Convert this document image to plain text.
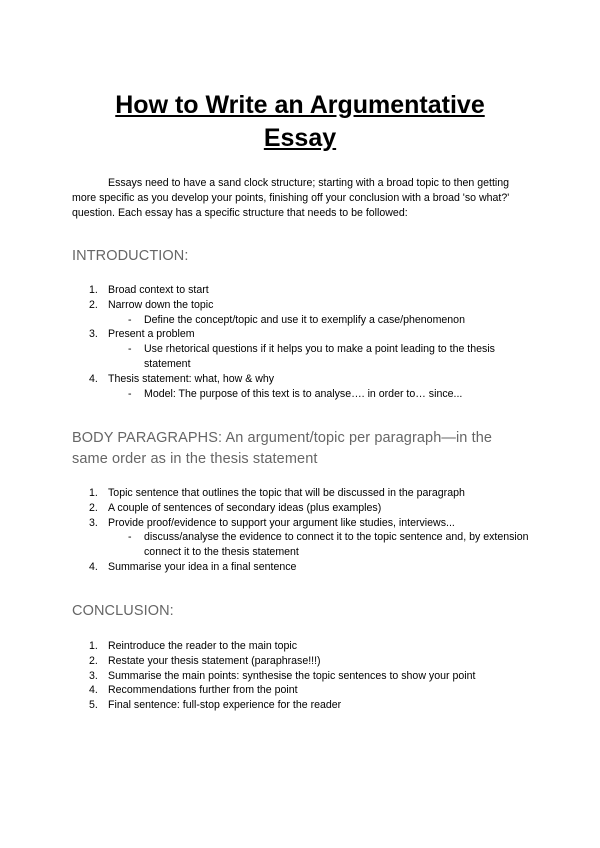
How to Write an Argumentative
Essay

Essays need to have a sand clock structure; starting with a broad topic to then getting more specific as you develop your points, finishing off your conclusion with a broad 'so what?' question. Each essay has a specific structure that needs to be followed:

INTRODUCTION:
1. Broad context to start
2. Narrow down the topic
- Define the concept/topic and use it to exemplify a case/phenomenon
3. Present a problem
- Use rhetorical questions if it helps you to make a point leading to the thesis statement
4. Thesis statement: what, how & why
- Model: The purpose of this text is to analyse…. in order to… since...
BODY PARAGRAPHS: An argument/topic per paragraph—in the same order as in the thesis statement
1. Topic sentence that outlines the topic that will be discussed in the paragraph
2. A couple of sentences of secondary ideas (plus examples)
3. Provide proof/evidence to support your argument like studies, interviews...
- discuss/analyse the evidence to connect it to the topic sentence and, by extension connect it to the thesis statement
4. Summarise your idea in a final sentence
CONCLUSION:
1. Reintroduce the reader to the main topic
2. Restate your thesis statement (paraphrase!!!)
3. Summarise the main points: synthesise the topic sentences to show your point
4. Recommendations further from the point
5. Final sentence: full-stop experience for the reader
